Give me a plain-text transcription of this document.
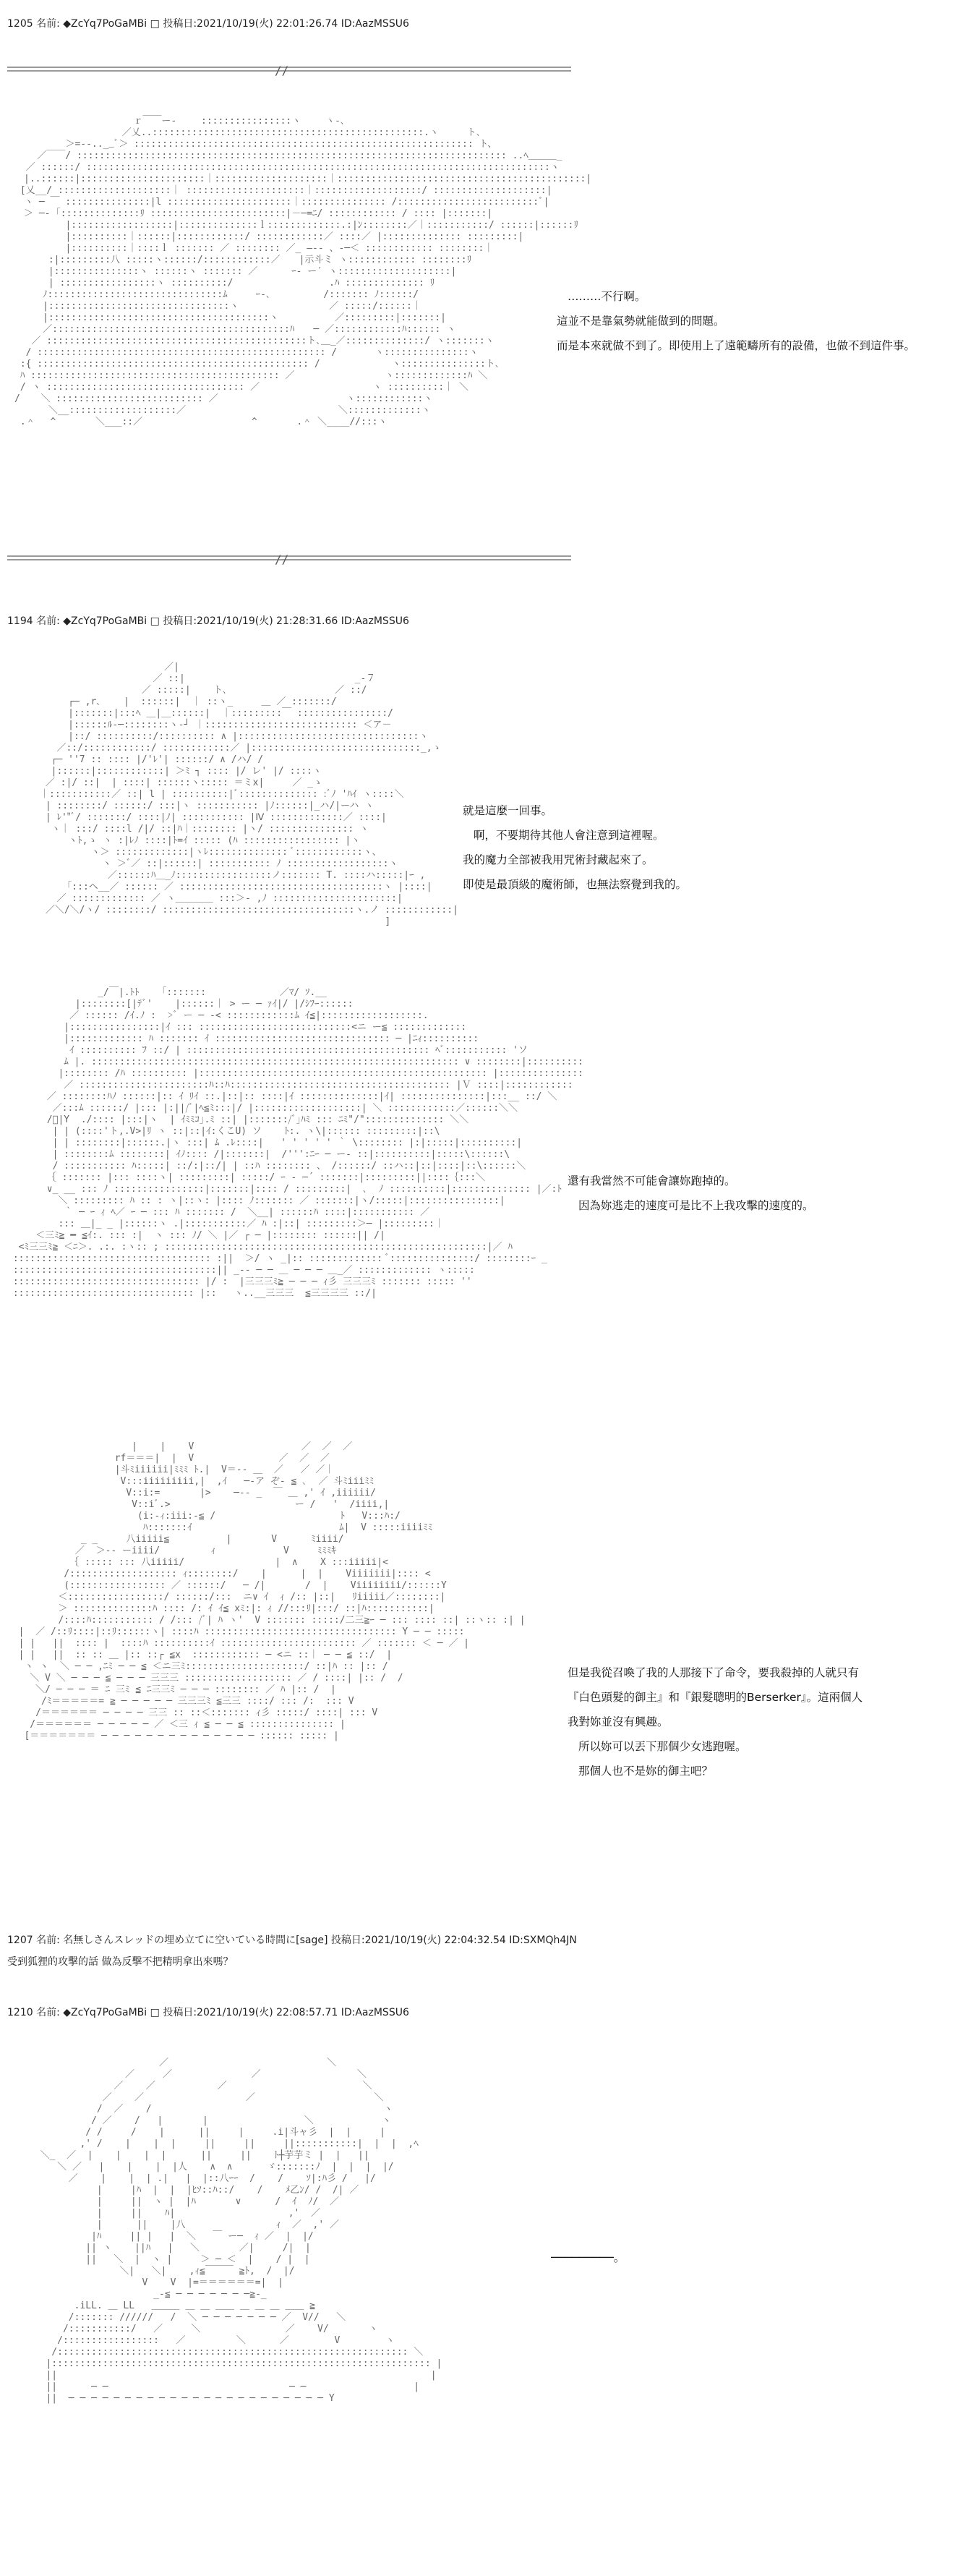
1205 名前: ◆ZcYq7PoGaMBi □ 投稿日:2021/10/19(火) 22:01:26.74 ID:AazMSSU6
//
ｒ￣￣ー‐　　 ::::::::::::::::ヽ　　 ヽ-､
／乂..::::::::::::::::::::::::::::::::::::::::::::::::.ヽ　　　ト､
＞=-‐..__ﾞ＞ :::::::::::::::::::::::::::::::::::::::::::::::::::::::::::: ト、
／￣￣/ :::::::::::::::::::::::::::::::::::::::::::::::::::::::::::::::::::::::::::: ..ﾍ＿＿＿_
／ ::::::/ ::::::::::::::::::::::::::::::::::::::::::::::::::::::::::::::::::::::::::::::::::ヽ
　|..::::::|::::::::::::::::::::::｜::::::::::::::::::::｜::::::::::::::::::::::::::::::::::::::::::::|
[乂__/ ::::::::::::::::::::｜ :::::::::::::::::::::｜:::::::::::::::::::/ ::::::::::::::::::::|
　ヽ ─ ￣ :::::::::::::::|l ::::::::::::::::::::::｜::::::::::::::: /:::::::::::::::::::::::::ﾞ|
　＞ ─- ｢::::::::::::::ﾘ ::::::::::::::::::::::::|－─=ﾆ/ :::::::::::: / :::: |:::::::|
|::::::::::::::::::|::::::::::::::ｌ:::::::::::::.:|ﾝ::::::::／｜:::::::::::/ ::::::|::::::ﾘ
|::::::::::｜::::::|::::::::::::/ ::::::::::::／ ::::／ |:::::::::::::: :::::::::|
|::::::::::｜::::ｌ ::::::: ／ :::::::: ／_ ―‐- 、-─＜ :::::::::::: ::::::::｜
　　　 :|:::::::::八 :::::ヽ::::::/::::::::::::／　　|示斗ミ ヽ:::::::::::: ::::::::ﾘ
　　　 |:::::::::::::::ヽ ::::::ヽ ::::::: ／　　　 ｰ- ー′ ヽ::::::::::::::::::::|
　　　 | :::::::::::::::::ヽ ::::::::::/ 　　　　　　　　　 .ﾊ :::::::::::::: ﾘ
　　　ﾉ:::::::::::::::::::::::::::::::ﾑ　　　ｰ-､　　　　　 /::::::: ﾉ::::::/
　　　|::::::::::::::::::::::::::::::::ヽ　　　　　　　　　 ／ :::::/::::::｜
　　　|:::::::::::::::::::::::::::::::::::::::ヽ　　　　　　／:::::::::|:::::::|
／::::::::::::::::::::::::::::::::::::::::::ﾊ　　─ ／::::::::::::ﾊ:::::: ヽ
／ ::::::::::::::::::::::::::::::::::::::::::::::ト､＿_／::::::::::::::/ ヽ:::::::ヽ
/ ::::::::::::::::::::::::::::::::::::::::::::::::::: /　　　　ヽ:::::::::::::::ヽ
:{ :::::::::::::::::::::::::::::::::::::::::::::::: /　　　　　　　 ヽ:::::::::::::::ト､
ﾊ :::::::::::::::::::::::::::::::::::::::::::: ／ 　　　　　　　　　ヽ:::::::::::::ﾊ ＼
/ ヽ ::::::::::::::::::::::::::::::::::: ／　　　　　　　　　　　　ヽ ::::::::::｜ ＼
/ 　 ＼ :::::::::::::::::::::::::: ／　　　　　　　　　　　　　 ヽ::::::::::::ヽ
　　　 ＼__:::::::::::::::::::／ 　　　　　　　　　　　　　　　 ＼:::::::::::::ヽ
.＾　 ^ 　　　 ＼___::／　　　　　　　　　　　 ^ 　　　 .＾ ＼____//:::ヽ
………不行啊。
這並不是靠氣勢就能做到的問題。
而是本來就做不到了。即使用上了遠範疇所有的設備，也做不到這件事。
//
1194 名前: ◆ZcYq7PoGaMBi □ 投稿日:2021/10/19(火) 21:28:31.66 ID:AazMSSU6
／|
／ ::|                              _-７
／ :::::|    ト､                   ／ ::/
┌─ ,r､    |  ::::::|  ｜ ::ヽ_     ＿ ／ :::::::/
|:::::::|:::ﾍ ＿|＿::::::|  ｜:::::::::￣ ::::::::::::::::/
|::::::ﾙ-─::::::::ヽ-┘ ｜::::::::::::::::::::::::::: ＜ア－
|::/ ::::::::::/:::::::::: ∧ |::::::::::::::::::::::::::::::::ヽ
／::/::::::::::::/ ::::::::::::／ |::::::::::::::::::::::::::::::_,ゝ
┌─ ''7 :: :::: |/'ﾚ'| ::::::/ ∧ /ハ/ /
|::::::|::::::::::::| ＞ﾐ ┐ :::: |/ レ' |/ ::::ヽ
／ :|/ ::|  | ::::| ::::::ヽ::::: ＝ミx|     ／ _ゝ
｜:::::::::::／ ::| l | ::::::::::|ﾞ:::::::::::::: :ﾞﾉ 'ﾊｲ ヽ::::＼
| ::::::::/ ::::::/ :::|ヽ ::::::::::: |ﾉ::::::|_ハ/|ーハ ヽ
| ﾚ'"ﾞ/ :::::::/ ::::|ﾉ| ::::::::::: |Ⅳ :::::::::::::／ ::::|
ヽ｜ :::/ ::::l /|/ ::|ﾊ｜:::::::: |ヽ/ ::::::::::::::: ヽ
ヽﾄ,ゝ ヽ :|ﾚﾉ ::::|ﾄ=ｲ ::::: (ﾊ ::::::::::::::::: |ヽ
ヽ＞ :::::::::::::|ヽﾚ:::::::::::::: ﾞ::::::::::::ヽ、
ヽ ＞ﾞ／ ::|::::::| ::::::::::: ﾉ ::::::::::::::::::ヽ
／::::::ﾊ＿_ﾉ:::::::::::::::::ノ::::::: T. ::::ハ:::::|ｰ ,
「:::ヘ__／ :::::: ／ ::::::::::::::::::::::::::::::::::::ヽ |::::|
／ ::::::::::::: ／ ヽ＿＿＿＿ :::＞- ,ﾉ ::::::::::::::::::::::|
／＼/＼/ヽ/ ::::::::/ ::::::::::::::::::::::::::::::::::ヽ.ノ ::::::::::::|
]
就是這麼一回事。
啊，不要期待其他人會注意到這裡喔。
我的魔力全部被我用咒術封藏起來了。
即使是最頂級的魔術師，也無法察覺到我的。
_/￣|.ﾄﾄ    ｢:::::::             ／ﾏ/ ｿ.__
|::::::::[|ﾃﾞ'    |::::::｜ > ー ─ ｧｲ|/ |/ｼﾌｰ::::::
／ :::::: /ｲ.ﾉ :  >ﾞ ー ─ ‐< ::::::::::::ﾑ ｲ≦|::::::::::::::::::.
|::::::::::::::::|ｲ ::: :::::::::::::::::::::::::::<ニ ー≦ :::::::::::::
|::::::::::::: ﾊ ::::::: ｲ ::::::::::::::::::::::::::::::: ─ |ﾆｨ::::::::::
ｲ :::::::::: ﾌ ::/ | ::::::::::::::::::::::::::::::::::::::::::: ﾍﾞ::::::::::: 'ソ
ﾑ |. ::::::::::::::::::::::::::::::::::::::::::::::::::::::::::::::::: ∨ ::::::::|::::::::::
|:::::::: /ﾊ :::::::::: |::::::::::::::::::::::::::::::::::::::::::::::::::: |:::::::::::::::
／ :::::::::::::::::::::::ﾊ::ﾊ::::::::::::::::::::::::::::::::::::::: |Ｖ ::::|::::::::::::
／ ::::::::ﾊﾉ ::::::|:: ｲ ﾘｲ ::.|::|:: ::::|ｲ ::::::::::::::|ｲ| :::::::::::::::|:::__ ::/ ＼
／:::ﾑ ::::::/ |::: |:||/ﾞ|ﾍ≦ﾐ:::|/ |:::::::::::::::::::| ＼ ::::::::::::／::::::＼＼
/ﾞ|Y  ./:::: |:::|ヽ  | ｲﾐﾐｺ｣.ﾐ ::| |:::::::/ﾞ｣ﾊﾐ ::: ﾆﾐ"/":::::::::::::: ＼＼
| | (::::'ト,.V>|ﾘ ヽ ::|::|ｲ:くこU) ソ    ﾄ:. ヽ\|:::::: :::::::::|::\
| | ::::::::|::::::.|ヽ :::| ﾑ .ﾚ::::|   ' ' ' ' ' ｀ \:::::::: |:|:::::|::::::::::|
| ::::::::ﾑ ::::::::| ｲﾉ:::: /|:::::::|  /''':ﾆｰ ─ ー‐ ::|::::::::::|:::::\::::::\
/ ::::::::::: ﾊ:::::| ::/:|::/| | ::ﾊ :::::::: 、 /::::::/ ::ハ::|::|::::|::\::::::＼
｛ ::::::: |::: ::::ヽ| :::::::::| :::::/ ｰ ‐ ─´ :::::::|:::::::::||::::｛:::＼
∨_ __ ::: ﾉ ::::::::::::::::|:::::::|:::: / :::::::::|  ､  ﾉ ::::::::::|:::::::::::::: |／:ﾄ
＼ ::::::::: ﾊ :: : ヽ|::ヽ: |:::: ﾉ::::::: ／ :::::::|ヽ/:::::|::::::::::::::::|
｀ ─ ｰ ｨ ﾍ／ ｰ ─ ::: ﾊ ::::::: /  ＼__| ::::::ﾊ ::::|::::::::::: ／
::: ＿|_ _ |::::::ヽ .|:::::::::::／ ﾊ :|::| :::::::::＞─ |:::::::::｜
＜三ﾐ≧ ━ ≦ｲ:. ::: :|  ヽ ::: ﾉ/ ＼ |／ ┌ ─ |:::::::: ::::::|| /|
<ﾐ三三ﾐ≧ ＜ﾆ＞. .:. :ヽ:: ; :::::::::::::::::::::::::::::::::::::::::::::::::::::::::|／ ﾊ
::::::::::::::::::::::::::::::::::: :||  ＞/ ヽ _|:: ::::::::::::: ﾞ:::::::::::::::/ ::::::::ｰ _
::::::::::::::::::::::::::::::::::::|| _-‐ ─ ─ ＿ ─ ─ ─ ＿_／ ::::::::::::: ヽ:::::
::::::::::::::::::::::::::::::::: |/ :  |三三三ﾐ≧ ─ ─ ─ ｨ彡 三三三ﾐ ::::::: ::::: ''
:::::::::::::::::::::::::::::::: |::   ヽ..__三三三  ≦三三三三 ::/|
還有我當然不可能會讓妳跑掉的。
因為妳逃走的速度可是比不上我攻擊的速度的。
|    |    V                   ／  ／  ／
rf＝＝＝|  |  V               ／  ／  ／
|斗ﾐiiiiii|ﾐﾐﾐ ﾄ.|  V＝-- ＿  ／   ／ ／｜
V:::iiiiiiiii,|  ,ｲ   ─-ア ぞ‐ ≦ ､  ／ 斗ﾐiiiﾐﾐ
V::i:=       |>    ─-- _  ￣ ＿ ,' ｲ ,iiiiii/
V::iﾞ.>                      ー /   '  /iiii,|
(i:-ｨ:iii:-≦ /                      ﾄ   V:::ﾊ:/
ﾊ:::::::ｲ                          ﾑ|  V :::::iiiiﾐﾐ
_ _     八iiiii≦          |       V      ﾐiiii/
／  ＞-- ーiiii/         ｨ            V     ﾐﾐﾐｷ
｛ ::::: ::: 八iiiii/                |  ∧    X :::iiiii|<
/::::::::::::::::::: ｨ::::::::/    |      |  |    Viiiiiii|:::: <
(::::::::::::::::: ／ ::::::/   ─ /|       /  |    Viiiiiiii/::::::Y
＜:::::::::::::::::/ ::::::/:::  ニ∨ ｲ  ｨ /:: |::|   ﾘiiiii／::::::::|
＞ ::::::::::::::ﾊ :::: /: ｲ ｲ≦ xﾐ:|: ｨ //:::ﾘ|:::/ ::|ﾊ:::::::::::|
/::::ﾊ::::::::::: / /::: /ﾞ| ﾊ ヽ'  V ::::::: :::::/二三≧ｰ ─ ::: :::: ::| ::ヽ:: :| |
|  ／ /::ﾘ::::|::ﾘ::::::ヽ| ::::ﾊ :::::::::::::::::::::::::::::::::: Y ─ ─ :::::
| |   ||  :::: |  ::::ﾊ ::::::::::ｲ :::::::::::::::::::::::: ／ ::::::: ＜ ─ ／ |
| |   ||  :: :: ＿ |:: ::┌ ≦x  :::::::::::: ─ <ニ ::｜ ─ ─ ≦ ::/  |
ヽ ヽ  ＼ ─ ─ ,ﾆﾐ ─ ─ ≦ ＜ニ三ﾐ:::::::::::::::::::::/ ::|ﾊ :: |:: /
＼ V ＼ ─ ─ ─ ≦ ─ ─ ─ 三三三 ::::::::::::::::::: ／ / ::::| |:: /  /
＼/ ─ ─ ─ ＝ ﾆ 三ﾐ ≦ ﾆ三三ﾐ ─ ─ ─ :::::::: ／ ﾊ |:: /  |
/ﾐ＝＝＝＝＝= ≧ ─ ─ ─ ─ ─ 三三三ﾐ ≦三三 ::::/ ::: /:  ::: V
/＝＝＝＝＝＝ ─ ─ ─ ─ 三三 :: ::＜::::::: ｨ彡 :::::/ ::::| ::: V
/＝＝＝＝＝＝ ─ ─ ─ ─ ─ ／ ＜三 ｨ ≦ ─ ─ ≦ ::::::::::::::: |
[＝＝＝＝＝＝＝ ─ ─ ─ ─ ─ ─ ─ ─ ─ ─ ─ ─ ─ ─ :::::: ::::: |
但是我從召喚了我的人那接下了命令，要我殺掉的人就只有
『白色頭髮的御主』和『銀髮聰明的Berserker』。這兩個人
我對妳並沒有興趣。
所以妳可以丟下那個少女逃跑喔。
那個人也不是妳的御主吧？
1207 名前: 名無しさんスレッドの埋め立てに空いている時間に[sage] 投稿日:2021/10/19(火) 22:04:32.54 ID:SXMQh4JN
受到狐狸的攻擊的話 做為反擊不把精明拿出來嗎？
1210 名前: ◆ZcYq7PoGaMBi □ 投稿日:2021/10/19(火) 22:08:57.71 ID:AazMSSU6
／                            ＼
／     ／              ／                 ＼
／    ／           ／                        ＼
／    ／                  ／                     ＼
/  ／    /                                         ヽ
/ ／    /   |       |                 ＼            ヽ
/ /     /    |      ||     |     .i|斗ャ彡  |  |     |
,' /    |    |  |     ||     ||     ||:::::::::::|  |  |  ,ﾍ
＼_  ／  |    |    |  |      ||     ||    ﾄ┼芋芋ミ |  |   ||
＼ ／   |    |    |  |人    ∧  ∧      ゞ:::::::ﾉ  |  |  |  |/
／    |    |  | .|   |  |::八ｰｰ  /    /    ｿ|:ﾊ彡 /   |/
|     |ﾊ  |  |  |ﾋｿ::ﾊ::/    /    ﾒ乙ﾝ/ /  /| ／
|     ||  ヽ |  |ﾊ       ∨      /  ｲ  ﾉ/  ／
|     ||    ﾊ|                    ,'  ／
|      ||    |八                ｨ  ／  ,' ／
|ﾊ     || |   |  ＼   ￣ ー─  ｨ ／  |  |/
|| ヽ    ||ﾊ   |   ＼       ／|     /|  |
||   ＼  |  ヽ |     ＞ ─ ＜  |    / |  |
＼|   ＼|    ,ｨ≦￣￣￣ ≧ﾄ,  /  |/
V    V  |=＝＝＝＝＝＝=|  |
_-≦ ─ ─ ─ ─ ─ ─ ─≧-_
.iLL. ＿ LL   ＿＿＿ ＿ ＿ ＿＿ ＿ ＿ ＿ ＿＿ ≧
/::::::: //////   /  ＼ ─ ─ ─ ─ ─ ─ ─ ／  V//   ＼
/:::::::::::/   ／     ＼               ／    V/       ヽ
/:::::::::::::::::   ／         ＼      ／        V        ヽ
/:::::::::::::::::::::::::::::::::::::::::::::::::::::::::::::: ＼
|::::::::::::::::::::::::::::::::::::::::::::::::::::::::::::::::::: |
||                                                                  |
||      ─ ─                                ─ ─                   |
||  ─ ─ ─ ─ ─ ─ ─ ─ ─ ─ ─ ─ ─ ─ ─ ─ ─ ─ ─ ─ ─ ─ ─ Y
─────────。
